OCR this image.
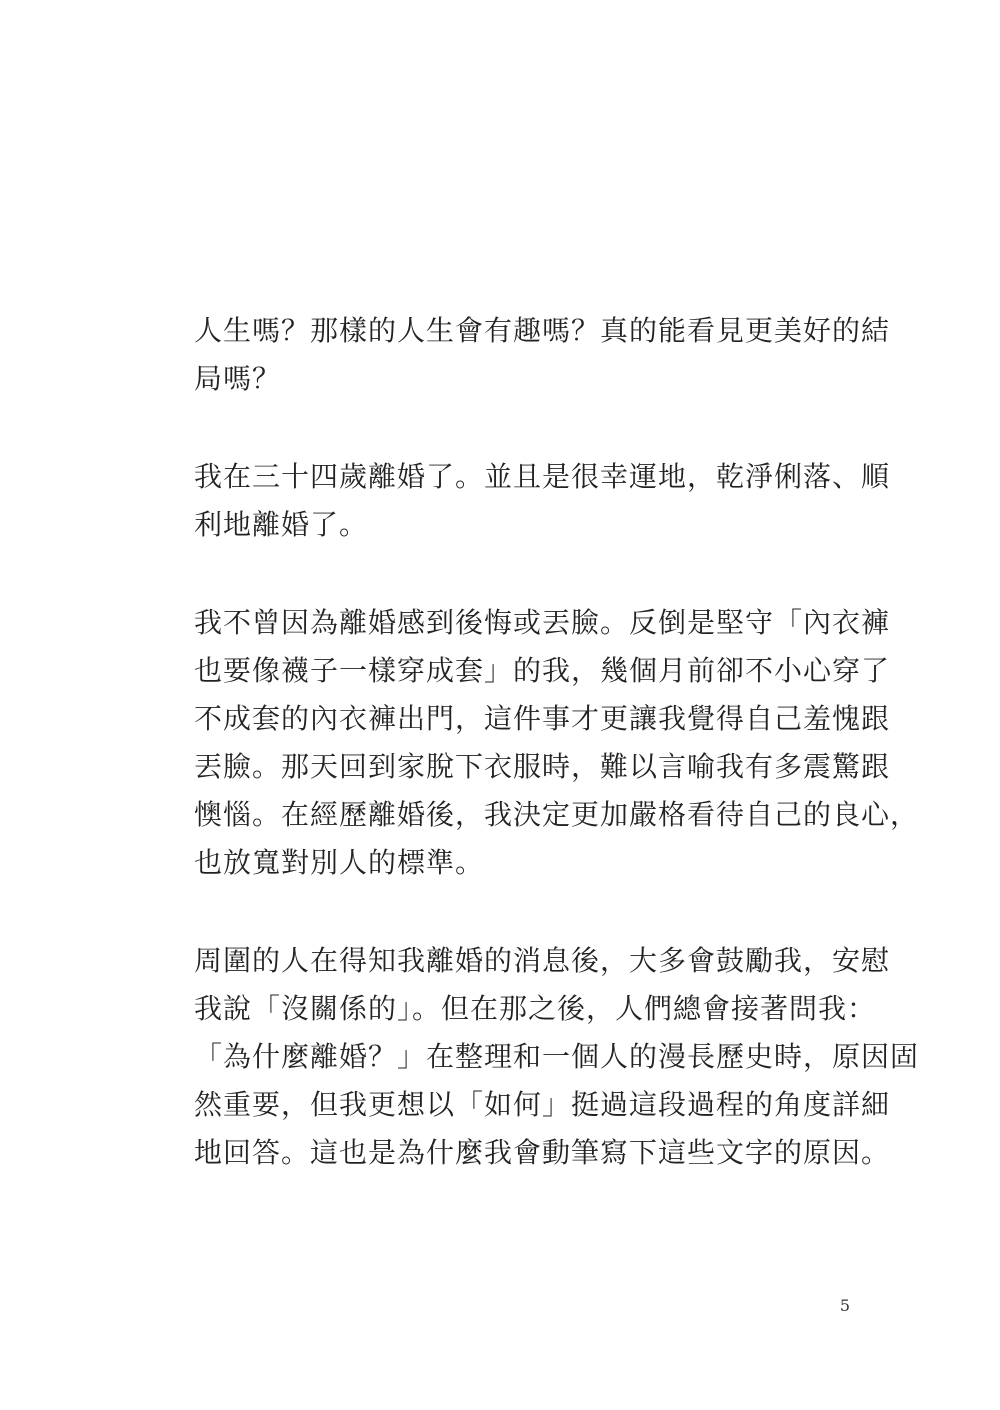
人生嗎？那樣的人生會有趣嗎？真的能看見更美好的結
局嗎？

我在三十四歲離婚了。並且是很幸運地，乾淨俐落、順
利地離婚了。

我不曾因為離婚感到後悔或丟臉。反倒是堅守「內衣褲
也要像襪子一樣穿成套」的我，幾個月前卻不小心穿了
不成套的內衣褲出門，這件事才更讓我覺得自己羞愧跟
丟臉。那天回到家脫下衣服時，難以言喻我有多震驚跟
懊惱。在經歷離婚後，我決定更加嚴格看待自己的良心，
也放寬對別人的標準。

周圍的人在得知我離婚的消息後，大多會鼓勵我，安慰
我說「沒關係的」。但在那之後，人們總會接著問我：
「為什麼離婚？」在整理和一個人的漫長歷史時，原因固
然重要，但我更想以「如何」挺過這段過程的角度詳細
地回答。這也是為什麼我會動筆寫下這些文字的原因。

5
